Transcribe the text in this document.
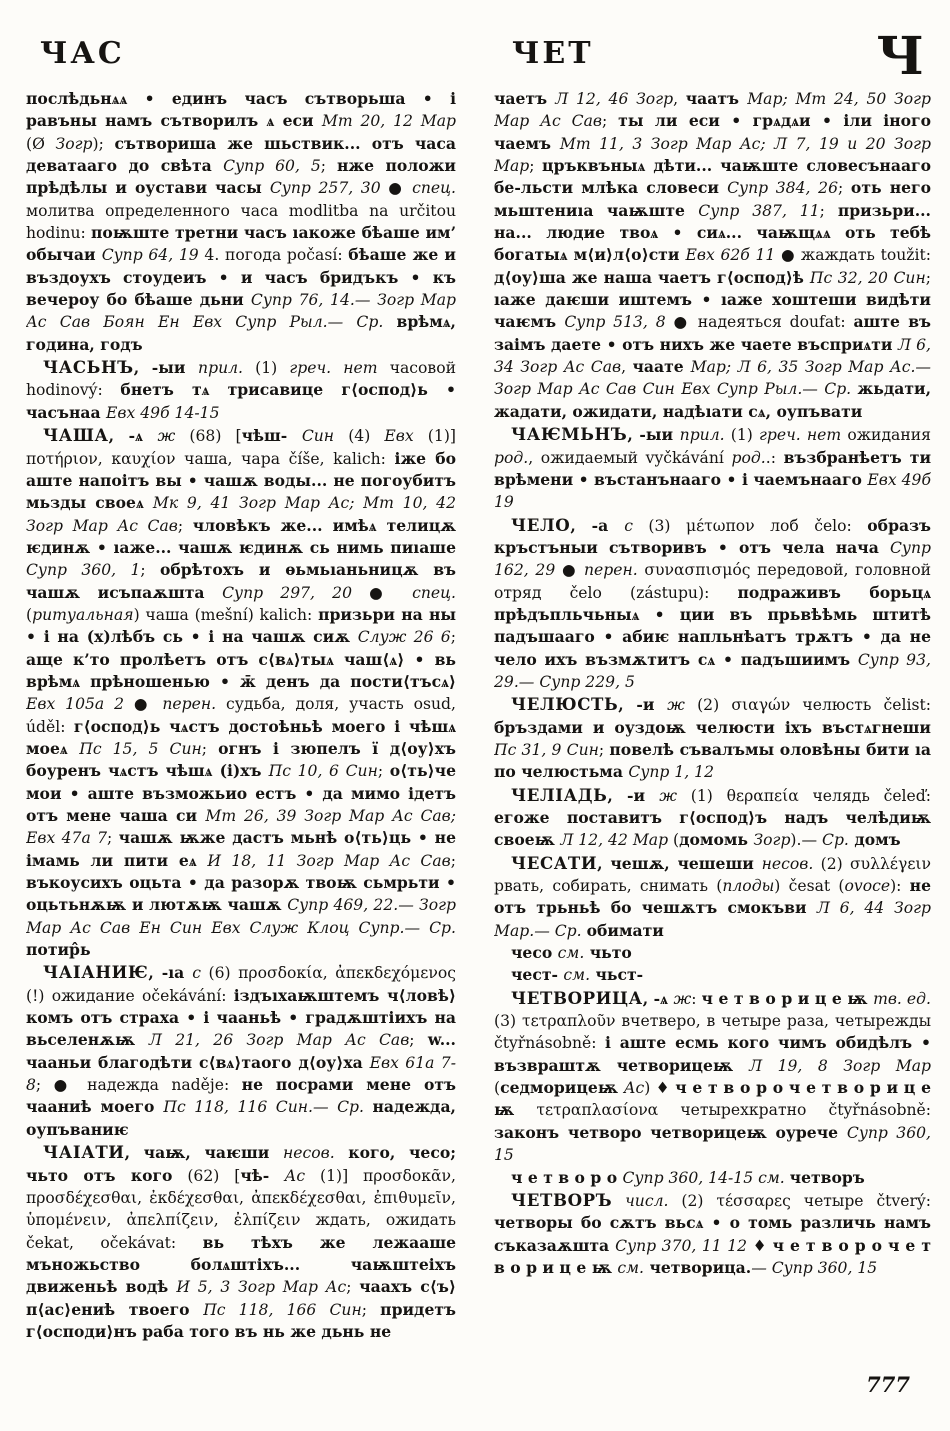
ЧАС	ЧЕТ	Ч

послѣдьнѧѧ • единъ часъ сътворьша • і равъны намъ сътворилъ ѧ еси Мт 20, 12 Мар (Ø Зогр); сътвориша же шьствик... отъ часа деватааго до свѣта Супр 60, 5; нже положи прѣдѣлы и оустави часы Супр 257, 30 ● спец. молитва определенного часа modlitba na určitou hodinu: поѭште третни часъ ıакоже бѣаше им’ обычаи Супр 64, 19 4. погода počasí: бѣаше же и въздоухъ стоудеиъ • и часъ бридъкъ • къ вечероу бо бѣаше дьни Супр 76, 14.— Зогр Мар Ас Сав Боян Ен Евх Супр Рыл.— Ср. врѣмѧ, година, годъ

ЧАСЬНЪ, -ыи прил. (1) греч. нет часовой hodinový: бнетъ тѧ трисавице г⟨оспод⟩ь • часънаа Евх 49б 14-15

ЧАША, -ѧ ж (68) [чѣш- Син (4) Евх (1)] ποτήριον, καυχίον чаша, чара číše, kalich: іже бо аште напоітъ вы • чашѫ воды... не погоубитъ мьзды своеѧ Мк 9, 41 Зогр Мар Ас; Мт 10, 42 Зогр Мар Ас Сав; чловѣкъ же... имѣѧ телицѫ ѥдинѫ • ıаже... чашѫ ѥдинѫ сь нимь пиıаше Супр 360, 1; обрѣтохъ и ѳьмьıаньницѫ въ чашѫ исъпаѫшта Супр 297, 20 ● спец. (ритуальная) чаша (mešní) kalich: призьри на ны • і на (х)лѣбъ сь • і на чашѫ сиѫ Служ 26 6; аще к’то пролѣетъ отъ с⟨вѧ⟩тыѧ чаш⟨ѧ⟩ • вь врѣмѧ прѣношенью • ж̄ денъ да пости⟨тъсѧ⟩ Евх 105а 2 ● перен. судьба, доля, участь osud, úděl: г⟨оспод⟩ь чѧстъ достоѣньѣ моего і чѣшѧ моеѧ Пс 15, 5 Син; огнъ і зюпелъ ї д⟨оу⟩хъ боуренъ чѧстъ чѣшѧ (і)хъ Пс 10, 6 Син; о⟨ть⟩че мои • аште възможьио естъ • да мимо ідетъ отъ мене чаша си Мт 26, 39 Зогр Мар Ас Сав; Евх 47а 7; чашѫ ѭже дастъ мьнѣ о⟨ть⟩ць • не імамь ли пити еѧ И 18, 11 Зогр Мар Ас Сав; въкоусихъ оцьта • да разорѫ твоѭ сьмрьти • оцьтьнѫѭ и лютѫѭ чашѫ Супр 469, 22.— Зогр Мар Ас Сав Ен Син Евх Служ Клоц Супр.— Ср. потир̂ь

ЧАІАНИѤ, -ıа с (6) προσδοκία, ἀπεκδεχόμενος (!) ожидание očekávání: іздъıхаѭштемъ ч⟨ловѣ⟩комъ отъ страха • і чааньѣ • градѫштіихъ на вьселенѫѭ Л 21, 26 Зогр Мар Ас Сав; w... чааньи благодѣти с⟨вѧ⟩таого д⟨оу⟩ха Евх 61а 7-8; ● надежда naděje: не посрами мене отъ чааниѣ моего Пс 118, 116 Син.— Ср. надежда, оупъваниѥ

ЧАІАТИ, чаѭ, чаѥши несов. кого, чесо; чьто отъ кого (62) [чѣ- Ас (1)] προσδοκᾶν, προσδέχεσθαι, ἐκδέχεσθαι, ἀπεκδέχεσθαι, ἐπιθυμεῖν, ὑπομένειν, ἀπελπίζειν, ἐλπίζειν ждать, ожидать čekat, očekávat: вь тѣхъ же лежааше мъножьство болѧштіхъ... чаѭштеіхъ движеньѣ водѣ И 5, 3 Зогр Мар Ас; чаахъ с⟨ъ⟩п⟨ас⟩ениѣ твоего Пс 118, 166 Син; придетъ г⟨осподи⟩нъ раба того въ нь же дьнь не

чаетъ Л 12, 46 Зогр, чаатъ Мар; Мт 24, 50 Зогр Мар Ас Сав; ты ли еси • грѧдѧи • іли іного чаемъ Мт 11, 3 Зогр Мар Ас; Л 7, 19 и 20 Зогр Мар; цръквъныѧ дѣти... чаѭште словесънааго бе-льсти млѣка словеси Супр 384, 26; оть него мьштениıа чаѭште Супр 387, 11; призьри... на... людие твоѧ • сиѧ... чаѭщѧѧ оть тебѣ богатыѧ м⟨и⟩л⟨о⟩сти Евх 62б 11 ● жаждать toužit: д⟨оу⟩ша же наша чаетъ г⟨оспод⟩ѣ Пс 32, 20 Син; ıаже даѥши иштемъ • ıаже хоштеши видѣти чаѥмъ Супр 513, 8 ● надеяться doufat: аште въ заімъ даете • отъ нихъ же чаете въсприѧти Л 6, 34 Зогр Ас Сав, чаате Мар; Л 6, 35 Зогр Мар Ас.— Зогр Мар Ас Сав Син Евх Супр Рыл.— Ср. жьдати, жадати, ожидати, надѣıати сѧ, оупъвати

ЧАѤМЬНЪ, -ыи прил. (1) греч. нет ожидания род., ожидаемый vyčkávání род..: възбранѣетъ ти врѣмени • въстанънааго • і чаемънааго Евх 49б 19

ЧЕЛО, -а с (3) μέτωπον лоб čelo: образъ кръстъныи сътворивъ • отъ чела нача Супр 162, 29 ● перен. συνασπισμός передовой, головной отряд čelo (zástupu): подраживъ борьцѧ прѣдъпльчьныѧ • ции въ прьвѣѣмь штитѣ падъшааго • абиѥ напльнѣатъ трѫтъ • да не чело ихъ възмѫтитъ сѧ • падъшиимъ Супр 93, 29.— Супр 229, 5

ЧЕЛЮСТЬ, -и ж (2) σιαγών челюсть čelist: бръздами и оуздоѭ челюсти іхъ въстѧгнеши Пс 31, 9 Син; повелѣ съвалъмы оловѣны бити ıа по челюстьма Супр 1, 12

ЧЕЛІАДЬ, -и ж (1) θεραπεία челядь čeleď: егоже поставитъ г⟨оспод⟩ъ надъ челѣдиѭ своеѭ Л 12, 42 Мар (домомь Зогр).— Ср. домъ

ЧЕСАТИ, чешѫ, чешеши несов. (2) συλλέγειν рвать, собирать, снимать (плоды) česat (ovoce): не отъ трьньѣ бо чешѫтъ смокъви Л 6, 44 Зогр Мар.— Ср. обимати

чесо см. чьто

чест- см. чьст-

ЧЕТВОРИЦА, -ѧ ж: ч е т в о р и ц е ѭ тв. ед. (3) τετραπλοῦν вчетверо, в четыре раза, четырежды čtyřnásobně: і аште есмь кого чимъ обидѣлъ • възвраштѫ четворицеѭ Л 19, 8 Зогр Мар (седморицеѭ Ас) ♦ ч е т в о р о ч е т в о р и ц е ѭ τετραπλασίονα четырехкратно čtyřnásobně: законъ четворо четворицеѭ оурече Супр 360, 15

ч е т в о р о Супр 360, 14-15 см. четворъ

ЧЕТВОРЪ числ. (2) τέσσαρες четыре čtverý: четворы бо сѫтъ вьсѧ • о томь различь намъ съказаѫшта Супр 370, 11 12 ♦ ч е т в о р о ч е т в о р и ц е ѭ см. четворица.— Супр 360, 15

777
